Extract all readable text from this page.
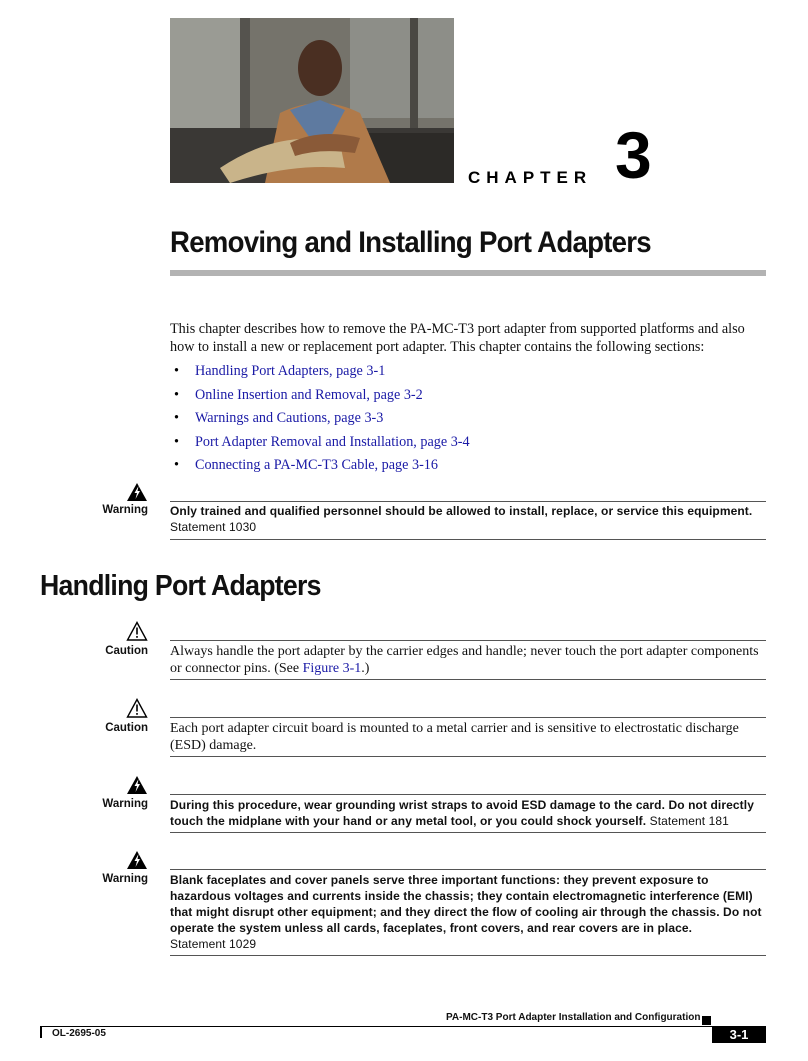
CHAPTER 3
Removing and Installing Port Adapters

This chapter describes how to remove the PA-MC-T3 port adapter from supported platforms and also how to install a new or replacement port adapter. This chapter contains the following sections:

• Handling Port Adapters, page 3-1
• Online Insertion and Removal, page 3-2
• Warnings and Cautions, page 3-3
• Port Adapter Removal and Installation, page 3-4
• Connecting a PA-MC-T3 Cable, page 3-16
Warning Only trained and qualified personnel should be allowed to install, replace, or service this equipment.
Statement 1030
Handling Port Adapters
Caution Always handle the port adapter by the carrier edges and handle; never touch the port adapter components or connector pins. (See Figure 3-1.)
Caution Each port adapter circuit board is mounted to a metal carrier and is sensitive to electrostatic discharge (ESD) damage.
Warning During this procedure, wear grounding wrist straps to avoid ESD damage to the card. Do not directly touch the midplane with your hand or any metal tool, or you could shock yourself. Statement 181
Warning Blank faceplates and cover panels serve three important functions: they prevent exposure to hazardous voltages and currents inside the chassis; they contain electromagnetic interference (EMI) that might disrupt other equipment; and they direct the flow of cooling air through the chassis. Do not operate the system unless all cards, faceplates, front covers, and rear covers are in place.
Statement 1029
PA-MC-T3 Port Adapter Installation and Configuration
OL-2695-05	3-1
